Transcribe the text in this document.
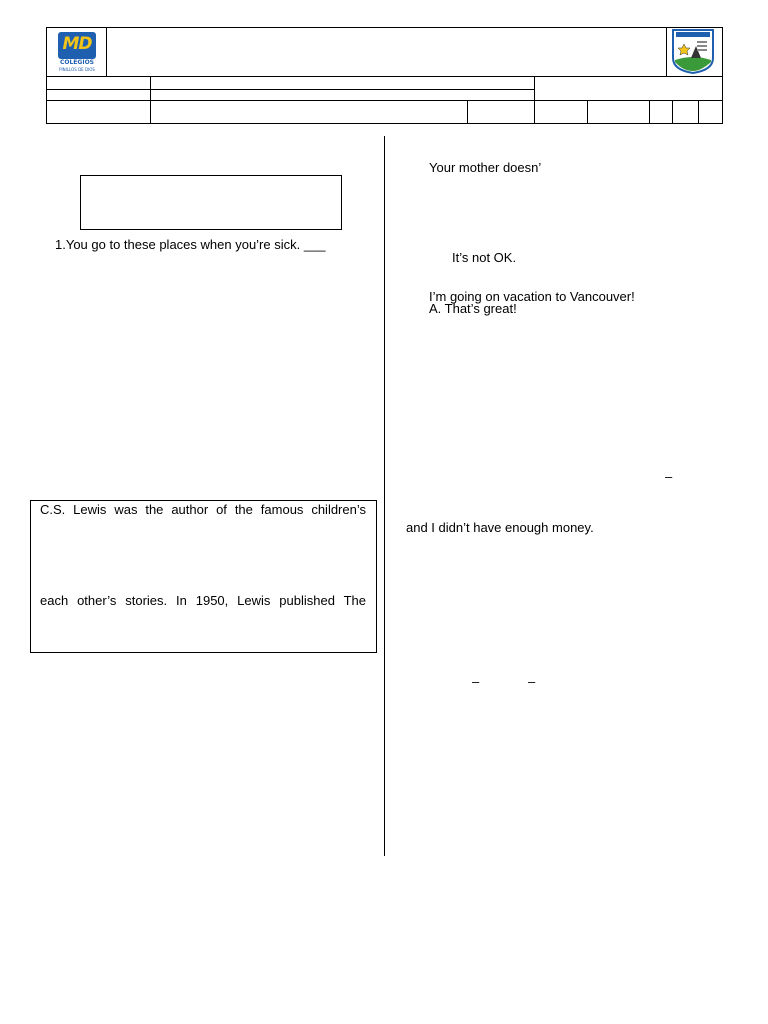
MD
COLEGIOS
PINILLOS DE DIOS
1.You go to these places when you’re sick. ___
C.S. Lewis was the author of the famous children’s
each other’s stories. In 1950, Lewis published The
Your mother doesn’
It’s not OK.
I’m going on vacation to Vancouver!
A. That’s great!
–
and I didn’t have enough money.
–	–
